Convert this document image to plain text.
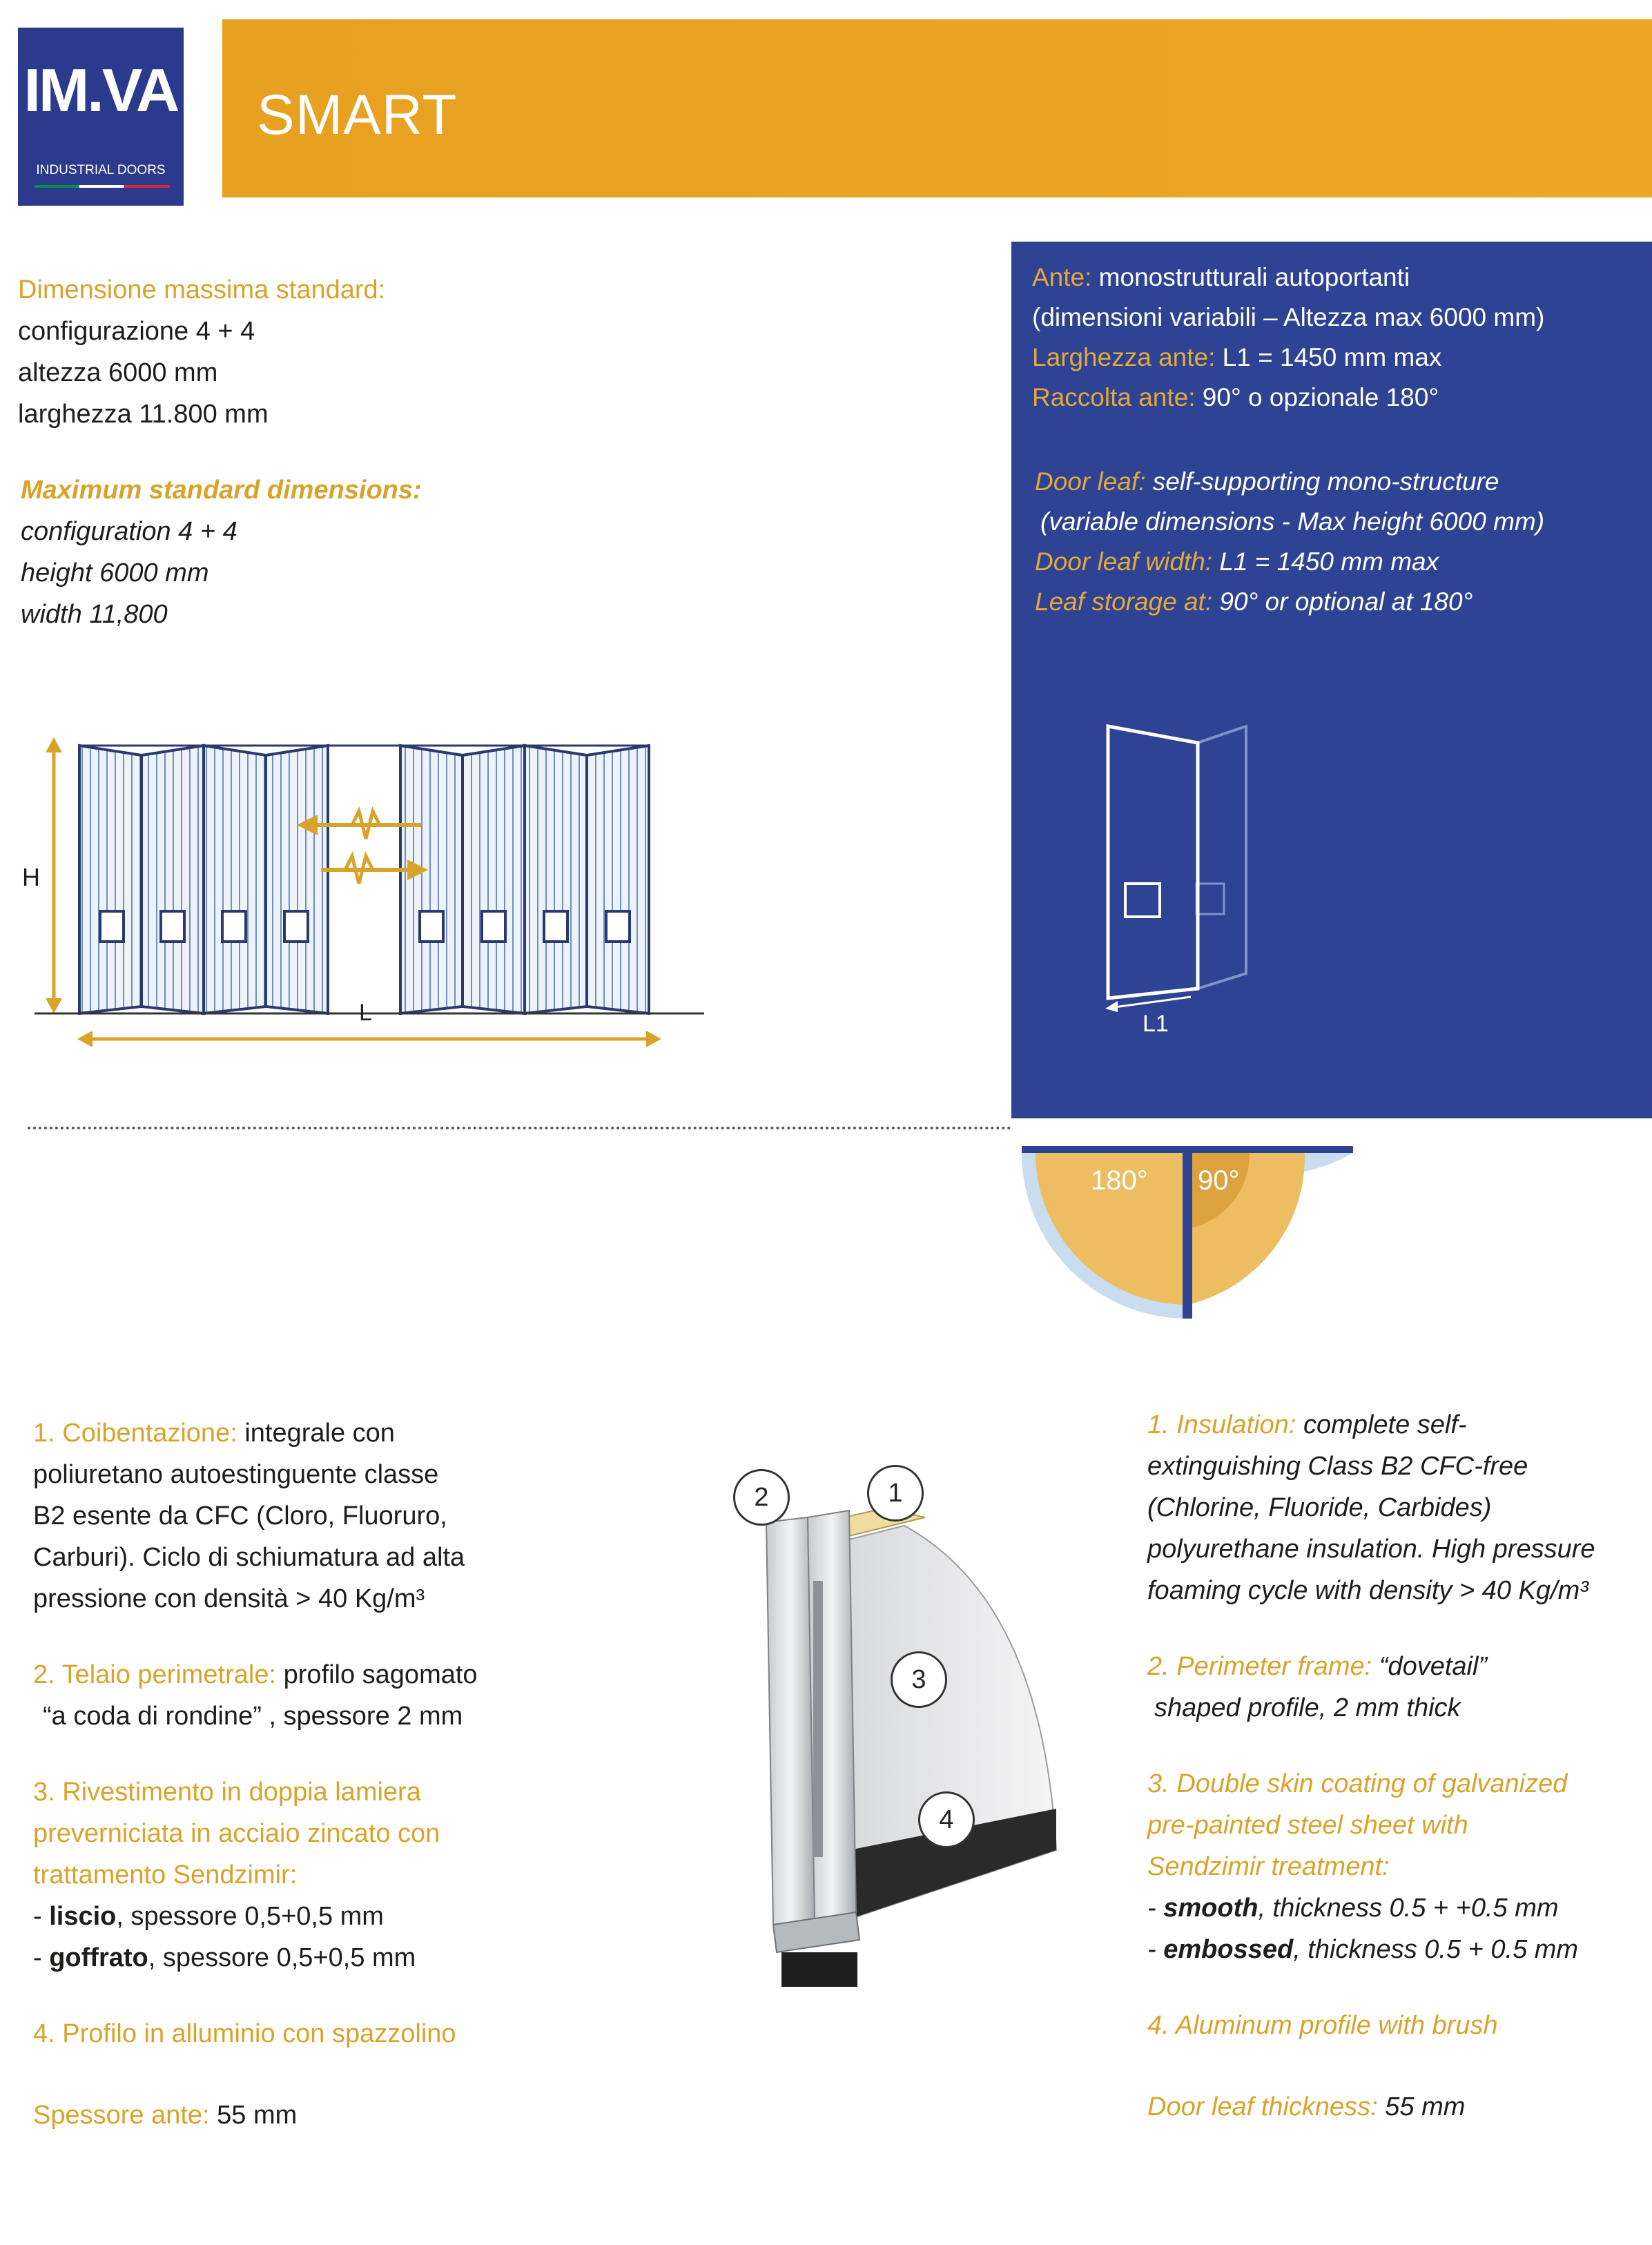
IM.VA
INDUSTRIAL DOORS
SMART
Dimensione massima standard:
configurazione 4 + 4
altezza 6000 mm
larghezza 11.800 mm
Maximum standard dimensions:
configuration 4 + 4
height 6000 mm
width 11,800
H
L
Ante: monostrutturali autoportanti
(dimensioni variabili – Altezza max 6000 mm)
Larghezza ante: L1 = 1450 mm max
Raccolta ante: 90° o opzionale 180°
Door leaf: self-supporting mono-structure
(variable dimensions - Max height 6000 mm)
Door leaf width: L1 = 1450 mm max
Leaf storage at: 90° or optional at 180°
L1
180° 90°
1. Coibentazione: integrale con
poliuretano autoestinguente classe
B2 esente da CFC (Cloro, Fluoruro,
Carburi). Ciclo di schiumatura ad alta
pressione con densità > 40 Kg/m³
2. Telaio perimetrale: profilo sagomato
“a coda di rondine” , spessore 2 mm
3. Rivestimento in doppia lamiera
preverniciata in acciaio zincato con
trattamento Sendzimir:
- liscio, spessore 0,5+0,5 mm
- goffrato, spessore 0,5+0,5 mm
4. Profilo in alluminio con spazzolino
Spessore ante: 55 mm
2	1
3
4
1. Insulation: complete self-
extinguishing Class B2 CFC-free
(Chlorine, Fluoride, Carbides)
polyurethane insulation. High pressure
foaming cycle with density > 40 Kg/m³
2. Perimeter frame: “dovetail”
shaped profile, 2 mm thick
3. Double skin coating of galvanized
pre-painted steel sheet with
Sendzimir treatment:
- smooth, thickness 0.5 + +0.5 mm
- embossed, thickness 0.5 + 0.5 mm
4. Aluminum profile with brush
Door leaf thickness: 55 mm
